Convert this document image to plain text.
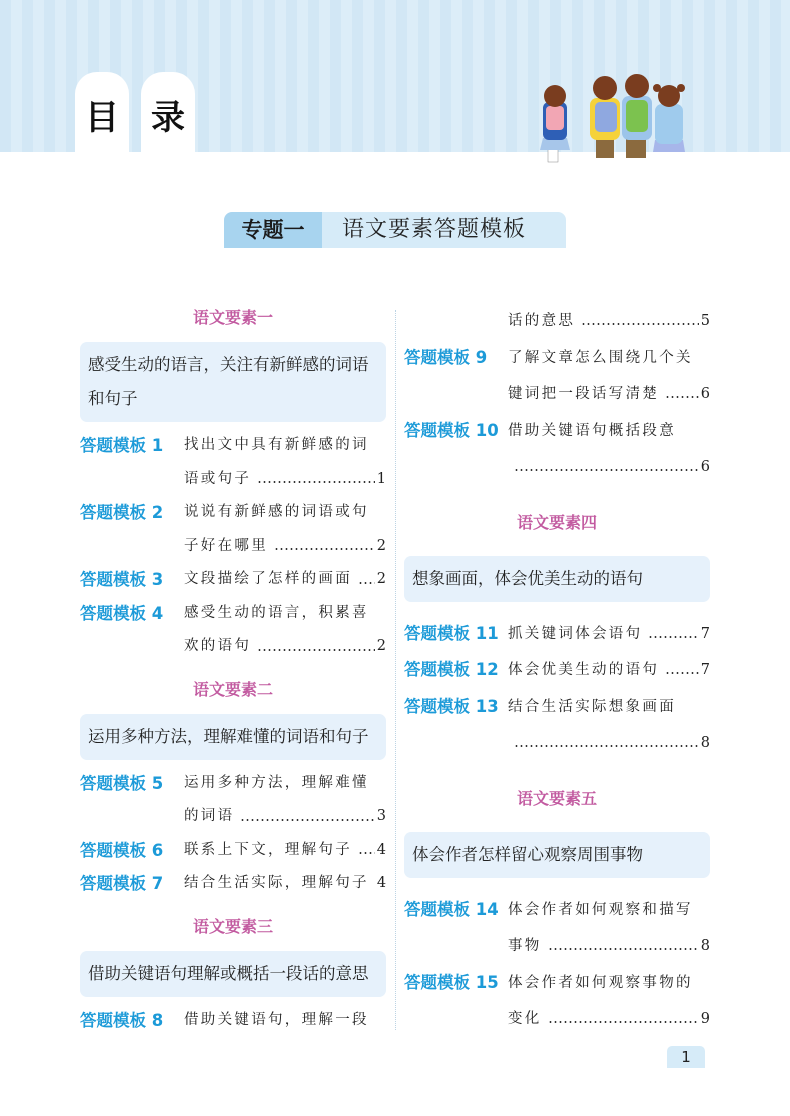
目 录
专题一	语文要素答题模板
语文要素一
感受生动的语言，关注有新鲜感的词语和句子
答题模板 1	找出文中具有新鲜感的词
语或句子	1
答题模板 2	说说有新鲜感的词语或句
子好在哪里	2
答题模板 3	文段描绘了怎样的画面 2
答题模板 4	感受生动的语言，积累喜
欢的语句	2
语文要素二
运用多种方法，理解难懂的词语和句子
答题模板 5	运用多种方法，理解难懂
的词语	3
答题模板 6	联系上下文，理解句子 4
答题模板 7	结合生活实际，理解句子 4
语文要素三
借助关键语句理解或概括一段话的意思
答题模板 8	借助关键语句，理解一段
话的意思	5
答题模板 9	了解文章怎么围绕几个关
键词把一段话写清楚	6
答题模板 10 借助关键语句概括段意
6
语文要素四
想象画面，体会优美生动的语句
答题模板 11 抓关键词体会语句	7
答题模板 12 体会优美生动的语句	7
答题模板 13 结合生活实际想象画面
8
语文要素五
体会作者怎样留心观察周围事物
答题模板 14 体会作者如何观察和描写
事物	8
答题模板 15 体会作者如何观察事物的
变化	9
1
